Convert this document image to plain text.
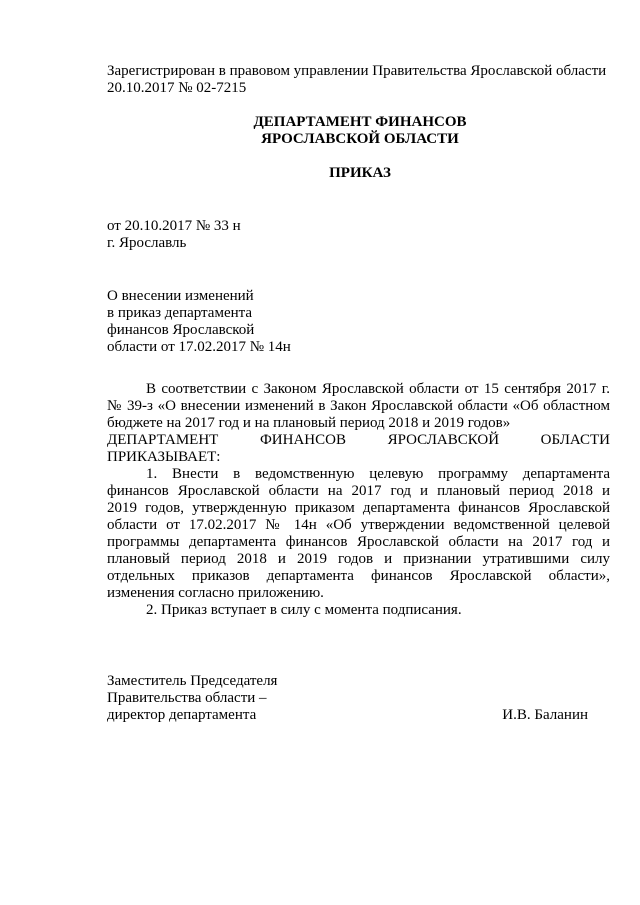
Зарегистрирован в правовом управлении Правительства Ярославской области
20.10.2017 № 02-7215
ДЕПАРТАМЕНТ ФИНАНСОВ
ЯРОСЛАВСКОЙ ОБЛАСТИ
ПРИКАЗ
от 20.10.2017 № 33 н
г. Ярославль
О внесении изменений
в приказ департамента
финансов Ярославской
области от 17.02.2017 № 14н
В соответствии с Законом Ярославской области от 15 сентября 2017 г.
№ 39-з «О внесении изменений в Закон Ярославской области «Об областном
бюджете на 2017 год и на плановый период 2018 и 2019 годов»
ДЕПАРТАМЕНТ ФИНАНСОВ ЯРОСЛАВСКОЙ ОБЛАСТИ
ПРИКАЗЫВАЕТ:
1. Внести в ведомственную целевую программу департамента
финансов Ярославской области на 2017 год и плановый период 2018 и
2019 годов, утвержденную приказом департамента финансов Ярославской
области от 17.02.2017 № 14н «Об утверждении ведомственной целевой
программы департамента финансов Ярославской области на 2017 год и
плановый период 2018 и 2019 годов и признании утратившими силу
отдельных приказов департамента финансов Ярославской области»,
изменения согласно приложению.
2. Приказ вступает в силу с момента подписания.
Заместитель Председателя
Правительства области –
директор департамента	И.В. Баланин
